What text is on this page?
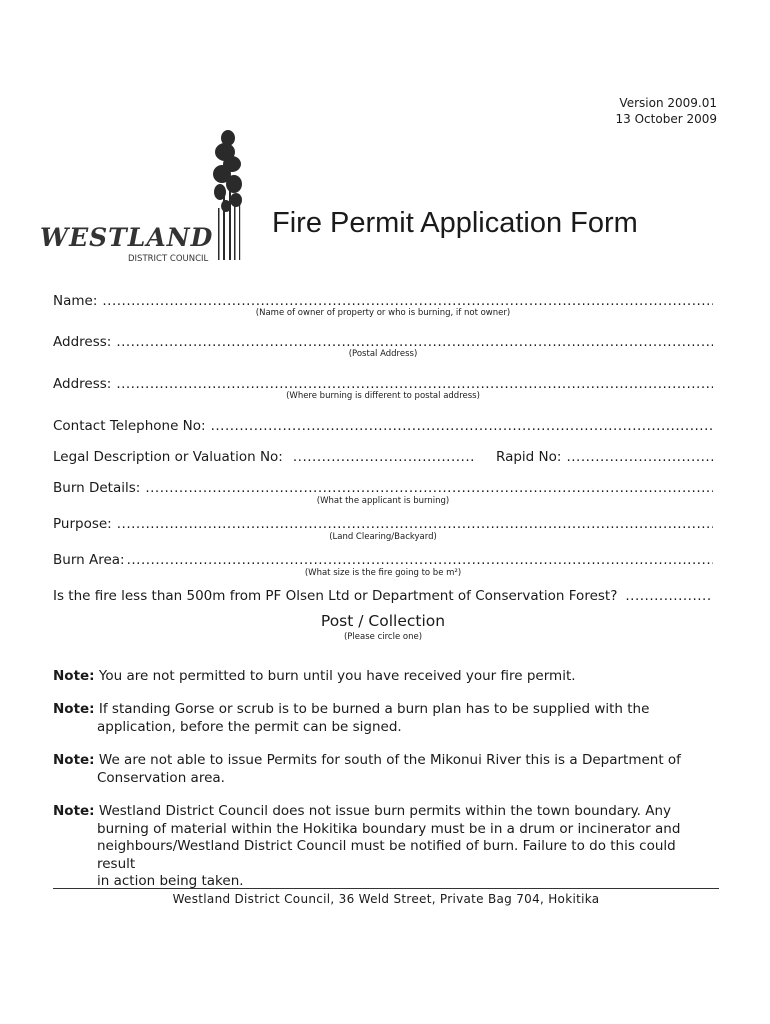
Version 2009.01
13 October 2009
WESTLAND
DISTRICT COUNCIL
Fire Permit Application Form
Name:
.....
(Name of owner of property or who is burning, if not owner)
Address:
.....
(Postal Address)
Address:
.....
(Where burning is different to postal address)
Contact Telephone No:
.....
Legal Description or Valuation No:
.....	Rapid No:
.....
Burn Details:
.....
(What the applicant is burning)
Purpose:
.....
(Land Clearing/Backyard)
Burn Area:
.....
(What size is the fire going to be m²)
Is the fire less than 500m from PF Olsen Ltd or Department of Conservation Forest?
.....
Post / Collection
(Please circle one)
Note: You are not permitted to burn until you have received your fire permit.
Note: If standing Gorse or scrub is to be burned a burn plan has to be supplied with the
application, before the permit can be signed.
Note: We are not able to issue Permits for south of the Mikonui River this is a Department of
Conservation area.
Note: Westland District Council does not issue burn permits within the town boundary. Any
burning of material within the Hokitika boundary must be in a drum or incinerator and
neighbours/Westland District Council must be notified of burn. Failure to do this could result
in action being taken.
Westland District Council, 36 Weld Street, Private Bag 704, Hokitika
